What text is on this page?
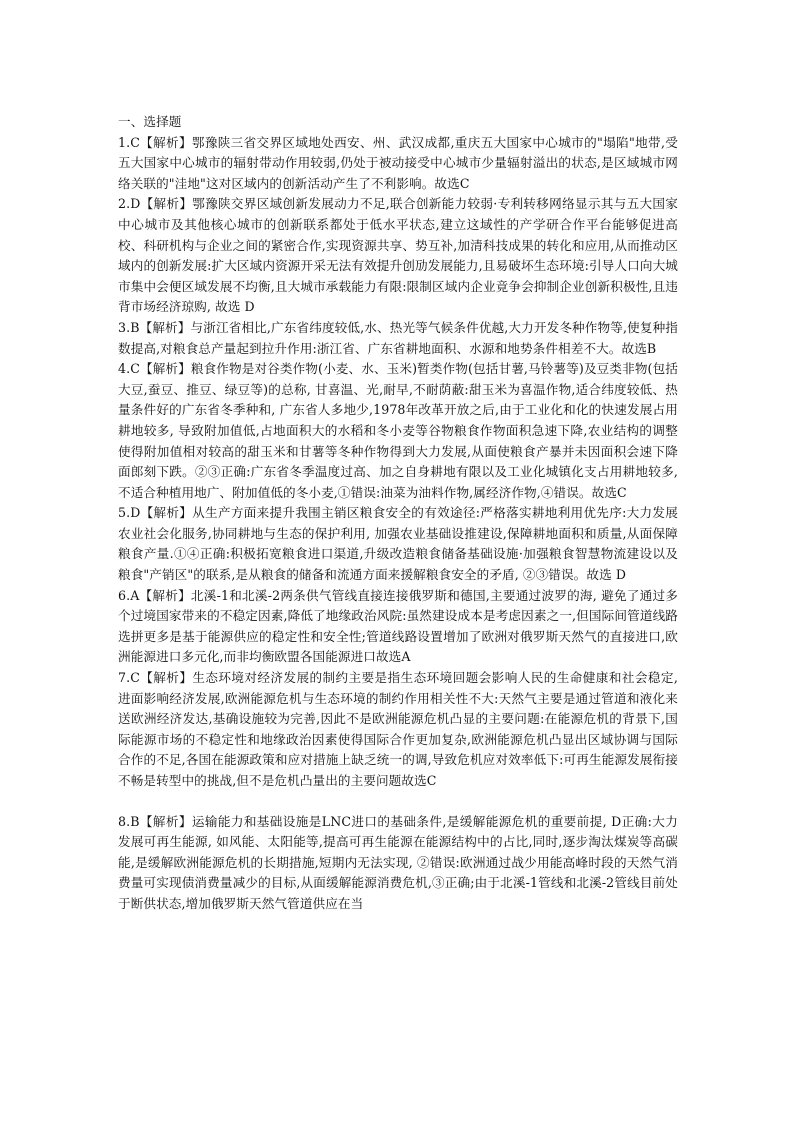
一、选择题

1.C【解析】鄂豫陕三省交界区域地处西安、州、武汉成都,重庆五大国家中心城市的"塌陷"地带,受五大国家中心城市的辐射带动作用较弱,仍处于被动接受中心城市少量辐射溢出的状态,是区域城市网络关联的"洼地"这对区域内的创新活动产生了不利影响。故选C

2.D【解析】鄂豫陕交界区域创新发展动力不足,联合创新能力较弱·专利转移网络显示其与五大国家中心城市及其他核心城市的创新联系都处于低水平状态,建立这域性的产学研合作平台能够促进高校、科研机构与企业之间的紧密合作,实现资源共享、势互补,加清科技成果的转化和应用,从而推动区域内的创新发展:扩大区域内资源开采无法有效提升创劢发展能力,且易破坏生态环境:引导人口向大城市集中会便区域发展不均衡,且大城市承载能力有限:限制区域内企业竟争会抑制企业创新积极性,且违背市场经济琼购, 故选 D

3.B【解析】与浙江省相比,广东省纬度较低,水、热光等气候条件优越,大力开发冬种作物等,使复种指数提高,对粮食总产量起到拉升作用:浙江省、广东省耕地面积、水源和地势条件相差不大。故选B

4.C【解析】粮食作物是对谷类作物(小麦、水、玉米)暂类作物(包括甘薯,马铃薯等)及豆类非物(包括大豆,蚕豆、推豆、绿豆等)的总称, 甘喜温、光,耐早,不耐荫蔽:甜玉米为喜温作物,适合纬度较低、热量条件好的广东省冬季种和, 广东省人多地少,1978年改革开放之后,由于工业化和化的快速发展占用耕地较多, 导致附加值低,占地面积大的水稻和冬小麦等谷物粮食作物面积急速下降,农业结构的调整使得附加值相对较高的甜玉米和甘薯等冬种作物得到大力发展,从面使粮食产暴并未因面积会速下降面郎刻下跌。②③正确:广东省冬季温度过高、加之自身耕地有限以及工业化城镇化支占用耕地较多,不适合种植用地广、附加值低的冬小麦,①错误:油菜为油料作物,属经济作物,④错误。故选C

5.D【解析】从生产方面来提升我围主销区粮食安全的有效途径:严格落实耕地利用优先序:大力发展农业社会化服务,协同耕地与生态的保护利用, 加强农业基础设推建设,保障耕地面积和质量,从面保障粮食产量.①④正确:积极拓宽粮食进口渠道,升级改造粮食储备基础设施·加强粮食智慧物流建设以及粮食"产销区"的联系,是从粮食的储备和流通方面来援解粮食安全的矛盾, ②③错误。故选 D

6.A【解析】北溪-1和北溪-2两条供气管线直接连接俄罗斯和德国,主要通过波罗的海, 避免了通过多个过境国家带来的不稳定因素,降低了地缘政治风院:虽然建设成本是考虑因素之一,但国际间管道线路选拼更多是基于能源供应的稳定性和安全性;管道线路设置增加了欧洲对俄罗斯天然气的直接进口,欧洲能源进口多元化,而非均衡欧盟各国能源进口故选A

7.C【解析】生态环境对经济发展的制约主要是指生态环境回题会影响人民的生命健康和社会稳定, 进面影响经济发展,欧洲能源危机与生态环境的制约作用相关性不大:天然气主要是通过管道和液化来送欧洲经济发达,基确设施较为完善,因此不是欧洲能源危机凸显的主要问题:在能源危机的背景下,国际能源市场的不稳定性和地缘政治因素使得国际合作更加复杂,欧洲能源危机凸显出区域协调与国际合作的不足,各国在能源政策和应对措施上缺乏统一的调,导致危机应对效率低下:可再生能源发展衔接不畅是转型中的挑战,但不是危机凸量出的主要问题故选C

8.B【解析】运输能力和基础设施是LNC进口的基础条件,是缓解能源危机的重要前提, D正确:大力发展可再生能源, 如风能、太阳能等,提高可再生能源在能源结构中的占比,同时,逐步淘汰煤炭等高碳能,是缓解欧洲能源危机的长期措施,短期内无法实现, ②错误:欧洲通过战少用能高峰时段的天然气消费量可实现债消费量减少的目标,从面缓解能源消费危机,③正确;由于北溪-1管线和北溪-2管线目前处于断供状态,增加俄罗斯天然气管道供应在当
